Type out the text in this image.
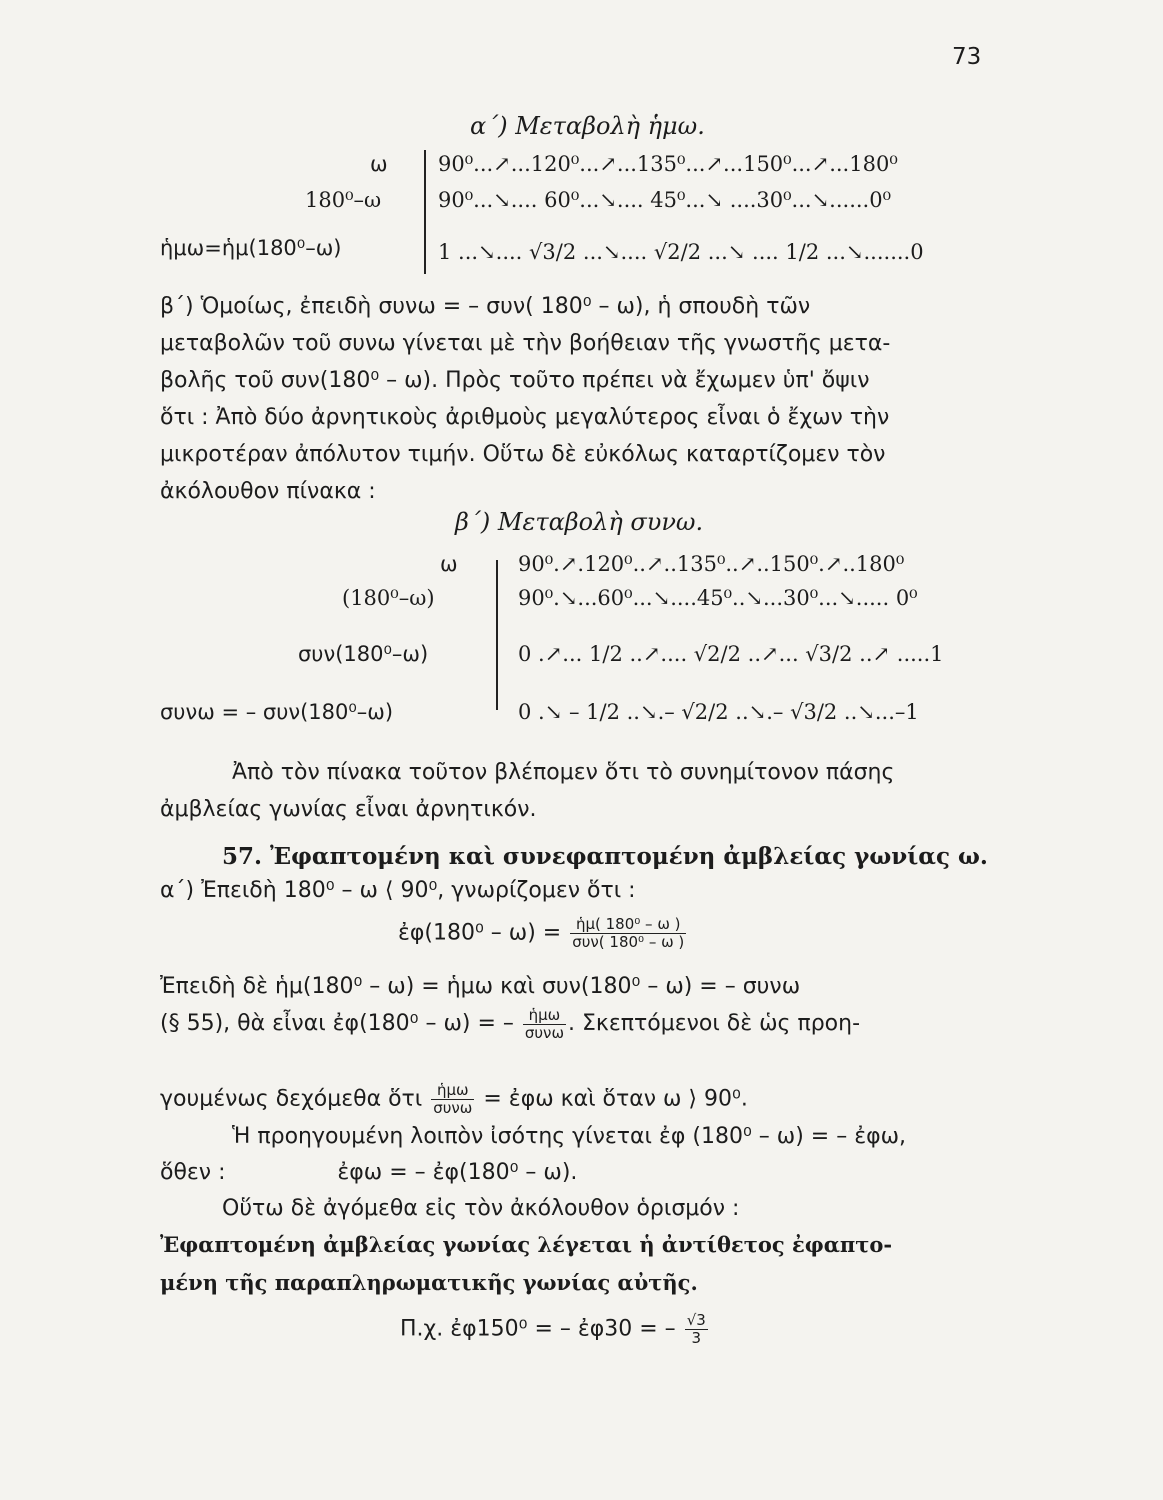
73
α΄) Μεταβολὴ ἡμω.
ω
180⁰–ω
ἡμω=ἡμ(180⁰–ω)
90⁰...↗...120⁰...↗...135⁰...↗...150⁰...↗...180⁰
90⁰...↘.... 60⁰...↘.... 45⁰...↘ ....30⁰...↘......0⁰
1 ...↘.... √3/2 ...↘.... √2/2 ...↘ .... 1/2 ...↘.......0
β΄) Ὁμοίως, ἐπειδὴ συνω = – συν( 180⁰ – ω), ἡ σπουδὴ τῶν
μεταβολῶν τοῦ συνω γίνεται μὲ τὴν βοήθειαν τῆς γνωστῆς μετα-
βολῆς τοῦ συν(180⁰ – ω). Πρὸς τοῦτο πρέπει νὰ ἔχωμεν ὑπ' ὄψιν
ὅτι : Ἀπὸ δύο ἀρνητικοὺς ἀριθμοὺς μεγαλύτερος εἶναι ὁ ἔχων τὴν
μικροτέραν ἀπόλυτον τιμήν. Οὕτω δὲ εὐκόλως καταρτίζομεν τὸν
ἀκόλουθον πίνακα :
β΄) Μεταβολὴ συνω.
ω
(180⁰–ω)
συν(180⁰–ω)
συνω = – συν(180⁰–ω)
90⁰.↗.120⁰..↗..135⁰..↗..150⁰.↗..180⁰
90⁰.↘...60⁰...↘....45⁰..↘...30⁰...↘..... 0⁰
0 .↗... 1/2 ..↗.... √2/2 ..↗... √3/2 ..↗ .....1
0 .↘ – 1/2 ..↘.– √2/2 ..↘.– √3/2 ..↘...–1
Ἀπὸ τὸν πίνακα τοῦτον βλέπομεν ὅτι τὸ συνημίτονον πάσης
ἀμβλείας γωνίας εἶναι ἀρνητικόν.
57. Ἐφαπτομένη καὶ συνεφαπτομένη ἀμβλείας γωνίας ω.
α΄) Ἐπειδὴ 180⁰ – ω ⟨ 90⁰, γνωρίζομεν ὅτι :
ἐφ(180⁰ – $\omega) = \frac{\text{ἡμ( 180⁰ – ω )}}{\text{συν( 180⁰ – ω )}}$
Ἐπειδὴ δὲ ἡμ(180⁰ – ω) = ἡμω καὶ συν(180⁰ – ω) = – συνω
(§ 55), θὰ εἶναι ἐφ(180⁰ – ω) = – $\frac{\text{ἡμω}}{\text{συνω}}$ . Σκεπτόμενοι δὲ ὡς προη-
γουμένως δεχόμεθα ὅτι $\frac{\text{ἡμω}}{\text{συνω}}$ = ἐφω καὶ ὅταν ω ⟩ 90⁰.
Ἡ προηγουμένη λοιπὸν ἰσότης γίνεται ἐφ (180⁰ – ω) = – ἐφω,
ὅθεν :                ἐφω = – ἐφ(180⁰ – ω).
Οὕτω δὲ ἀγόμεθα εἰς τὸν ἀκόλουθον ὁρισμόν :
Ἐφαπτομένη ἀμβλείας γωνίας λέγεται ἡ ἀντίθετος ἐφαπτο-
μένη τῆς παραπληρωματικῆς γωνίας αὐτῆς.
Π.χ. ἐφ150⁰ = – ἐφ30 = – $\frac{√3}{3}$
